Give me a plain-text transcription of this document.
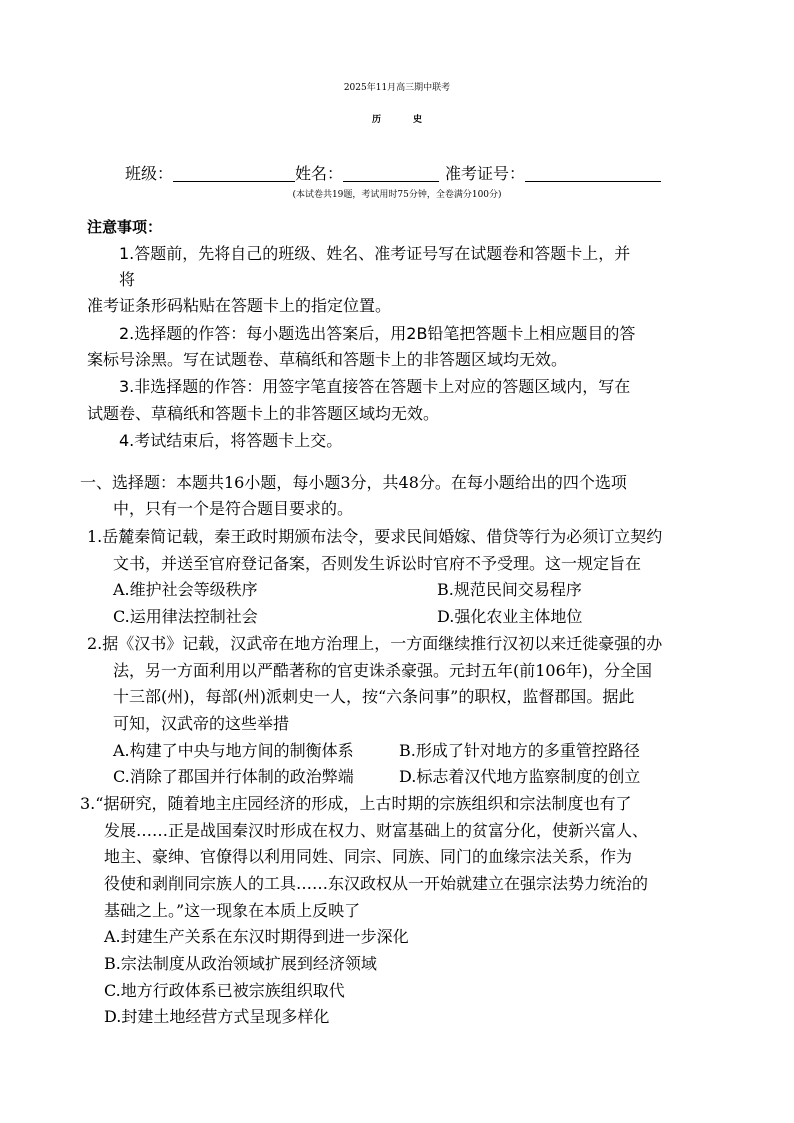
2025年11月高三期中联考
历史
班级：	姓名：	准考证号：
(本试卷共19题，考试用时75分钟，全卷满分100分)
注意事项：
1.答题前，先将自己的班级、姓名、准考证号写在试题卷和答题卡上，并
将
准考证条形码粘贴在答题卡上的指定位置。
2.选择题的作答：每小题选出答案后，用2B铅笔把答题卡上相应题目的答
案标号涂黑。写在试题卷、草稿纸和答题卡上的非答题区域均无效。
3.非选择题的作答：用签字笔直接答在答题卡上对应的答题区域内，写在
试题卷、草稿纸和答题卡上的非答题区域均无效。
4.考试结束后，将答题卡上交。
一、选择题：本题共16小题，每小题3分，共48分。在每小题给出的四个选项
中，只有一个是符合题目要求的。
1.岳麓秦简记载，秦王政时期颁布法令，要求民间婚嫁、借贷等行为必须订立契约
文书，并送至官府登记备案，否则发生诉讼时官府不予受理。这一规定旨在
A.维护社会等级秩序	B.规范民间交易程序
C.运用律法控制社会	D.强化农业主体地位
2.据《汉书》记载，汉武帝在地方治理上，一方面继续推行汉初以来迁徙豪强的办
法，另一方面利用以严酷著称的官吏诛杀豪强。元封五年(前106年)，分全国
十三部(州)，每部(州)派刺史一人，按“六条问事”的职权，监督郡国。据此
可知，汉武帝的这些举措
A.构建了中央与地方间的制衡体系	B.形成了针对地方的多重管控路径
C.消除了郡国并行体制的政治弊端	D.标志着汉代地方监察制度的创立
3.“据研究，随着地主庄园经济的形成，上古时期的宗族组织和宗法制度也有了
发展……正是战国秦汉时形成在权力、财富基础上的贫富分化，使新兴富人、
地主、豪绅、官僚得以利用同姓、同宗、同族、同门的血缘宗法关系，作为
役使和剥削同宗族人的工具……东汉政权从一开始就建立在强宗法势力统治的
基础之上。”这一现象在本质上反映了
A.封建生产关系在东汉时期得到进一步深化
B.宗法制度从政治领域扩展到经济领域
C.地方行政体系已被宗族组织取代
D.封建土地经营方式呈现多样化
